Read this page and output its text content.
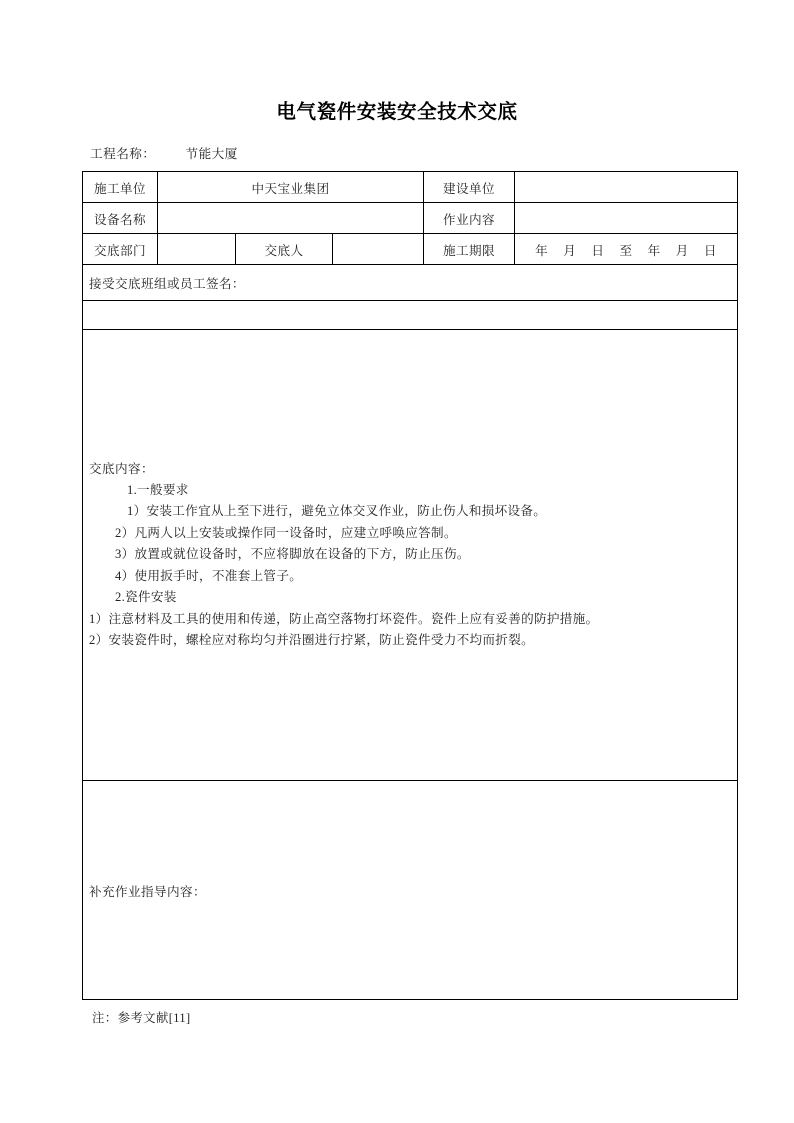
电气瓷件安装安全技术交底
工程名称： 节能大厦
施工单位	中天宝业集团			建设单位	
设备名称				作业内容	
交底部门		交底人		施工期限	年 月 日 至 年 月 日

接受交底班组或员工签名：					

交底内容：

1.一般要求

1）安装工作宜从上至下进行，避免立体交叉作业，防止伤人和损坏设备。

2）凡两人以上安装或操作同一设备时，应建立呼唤应答制。

3）放置或就位设备时，不应将脚放在设备的下方，防止压伤。

4）使用扳手时，不准套上管子。

2.瓷件安装

1）注意材料及工具的使用和传递，防止高空落物打坏瓷件。瓷件上应有妥善的防护措施。

2）安装瓷件时，螺栓应对称均匀并沿圈进行拧紧，防止瓷件受力不均而折裂。

补充作业指导内容：					
注：参考文献[11]
